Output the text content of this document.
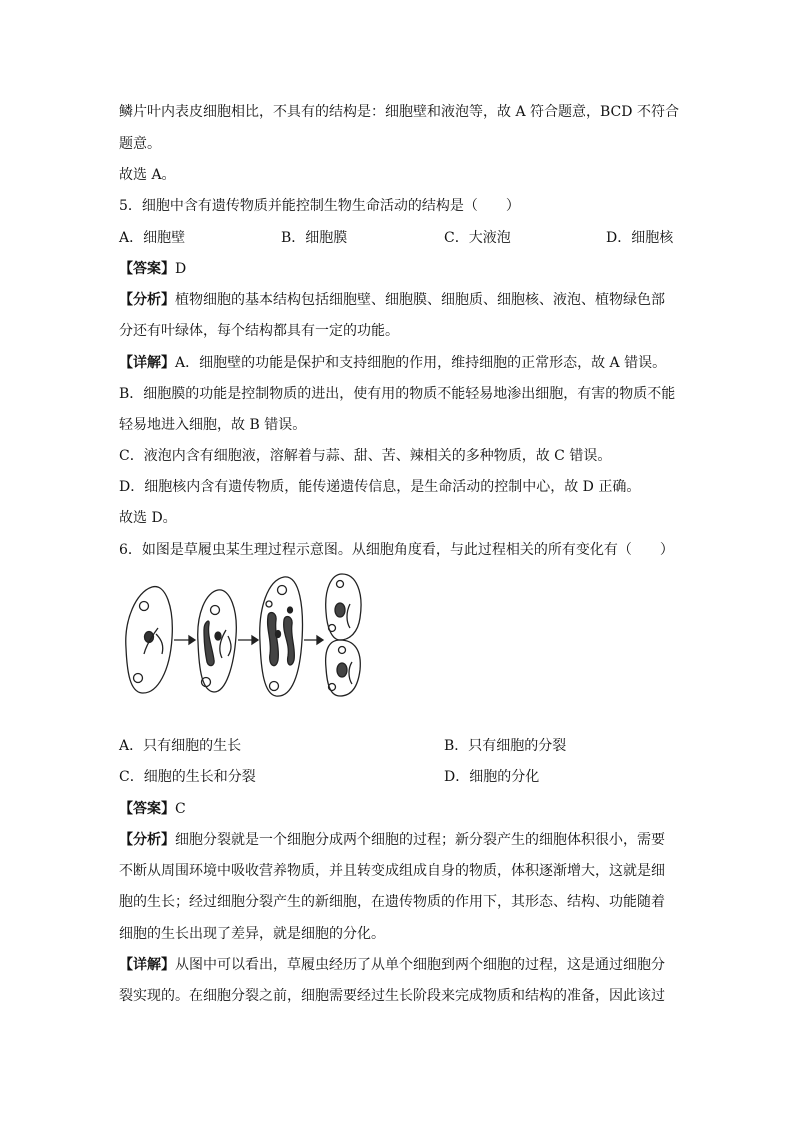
鳞片叶内表皮细胞相比，不具有的结构是：细胞壁和液泡等，故 A 符合题意，BCD 不符合
题意。
故选 A。
5．细胞中含有遗传物质并能控制生物生命活动的结构是（　　）
A．细胞壁	B．细胞膜	C．大液泡	D．细胞核
【答案】D
【分析】植物细胞的基本结构包括细胞壁、细胞膜、细胞质、细胞核、液泡、植物绿色部
分还有叶绿体，每个结构都具有一定的功能。
【详解】A．细胞壁的功能是保护和支持细胞的作用，维持细胞的正常形态，故 A 错误。
B．细胞膜的功能是控制物质的进出，使有用的物质不能轻易地渗出细胞，有害的物质不能
轻易地进入细胞，故 B 错误。
C．液泡内含有细胞液，溶解着与蒜、甜、苦、辣相关的多种物质，故 C 错误。
D．细胞核内含有遗传物质，能传递遗传信息，是生命活动的控制中心，故 D 正确。
故选 D。
6．如图是草履虫某生理过程示意图。从细胞角度看，与此过程相关的所有变化有（　　）
A．只有细胞的生长	B．只有细胞的分裂
C．细胞的生长和分裂	D．细胞的分化
【答案】C
【分析】细胞分裂就是一个细胞分成两个细胞的过程；新分裂产生的细胞体积很小，需要
不断从周围环境中吸收营养物质，并且转变成组成自身的物质，体积逐渐增大，这就是细
胞的生长；经过细胞分裂产生的新细胞，在遗传物质的作用下，其形态、结构、功能随着
细胞的生长出现了差异，就是细胞的分化。
【详解】从图中可以看出，草履虫经历了从单个细胞到两个细胞的过程，这是通过细胞分
裂实现的。在细胞分裂之前，细胞需要经过生长阶段来完成物质和结构的准备，因此该过
